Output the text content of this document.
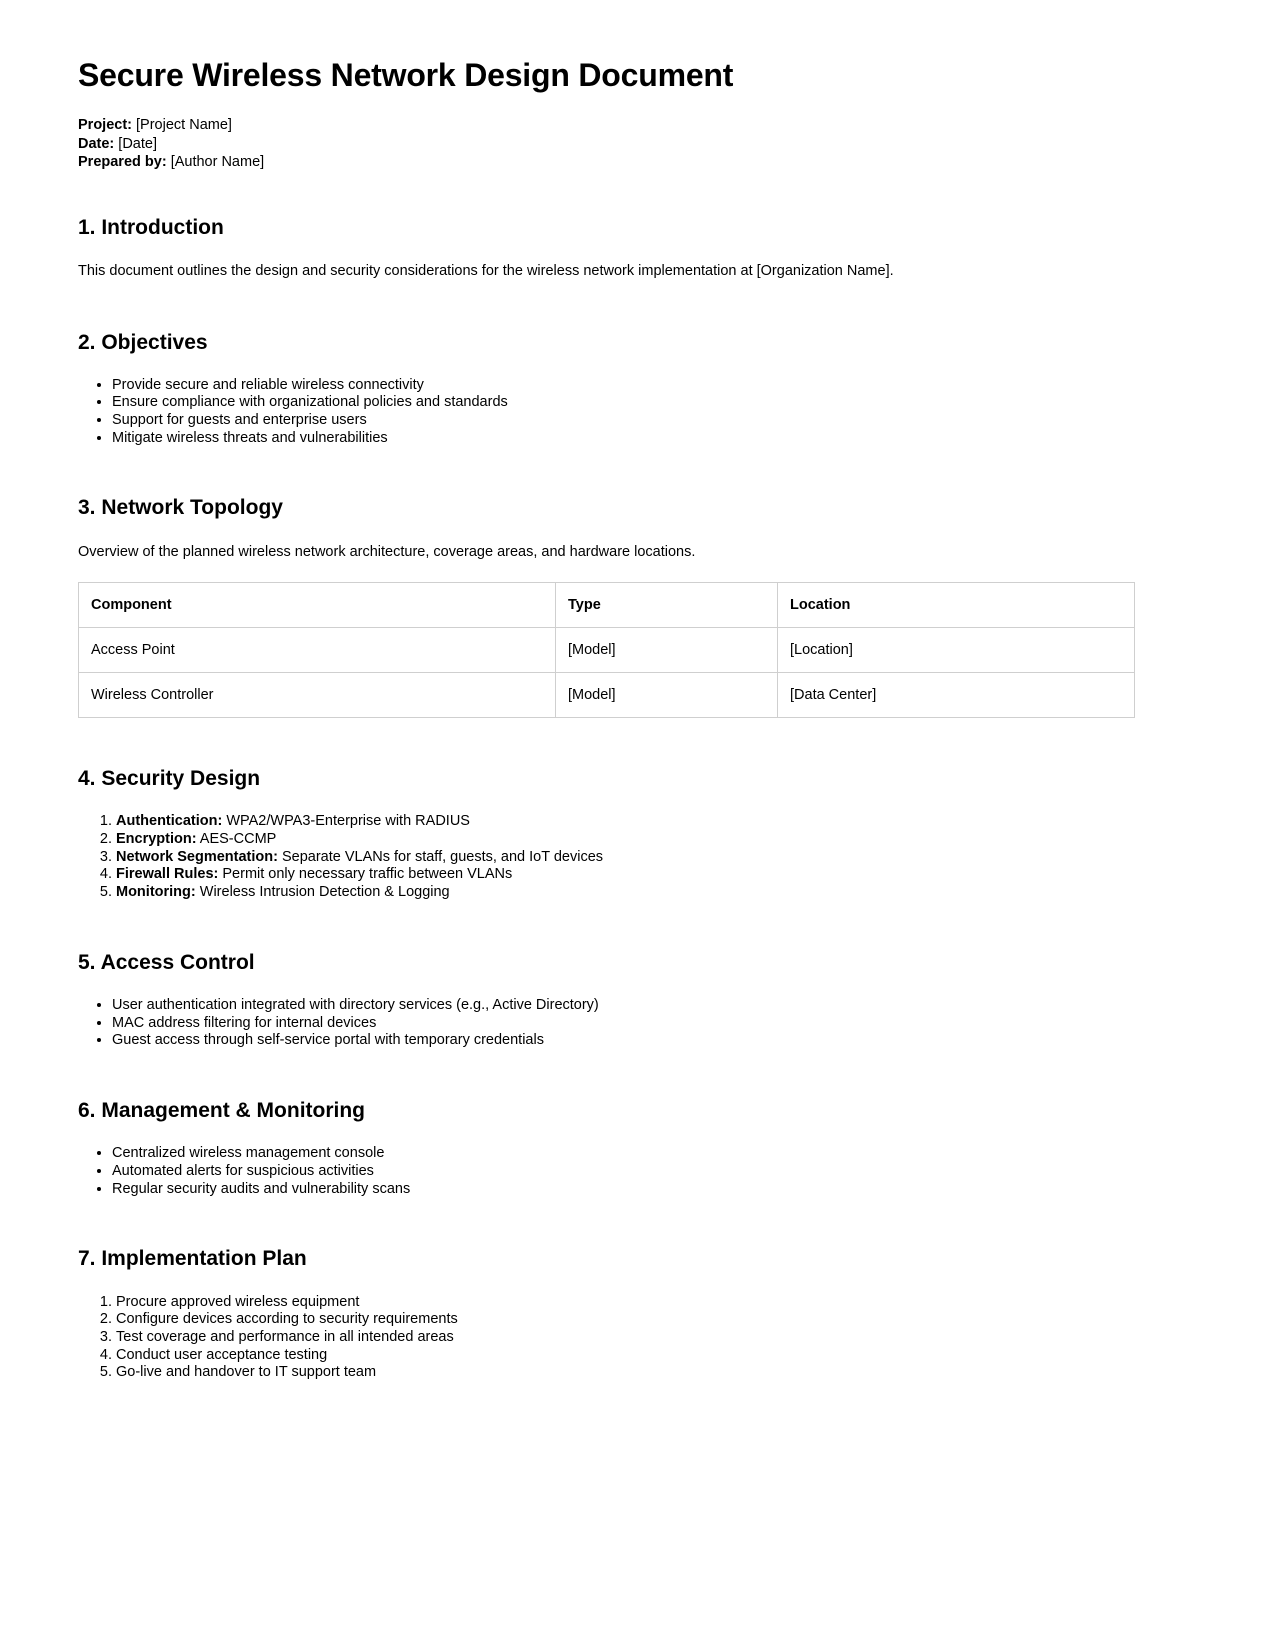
Secure Wireless Network Design Document
Project: [Project Name]
Date: [Date]
Prepared by: [Author Name]
1. Introduction

This document outlines the design and security considerations for the wireless network implementation at [Organization Name].

2. Objectives
• Provide secure and reliable wireless connectivity
• Ensure compliance with organizational policies and standards
• Support for guests and enterprise users
• Mitigate wireless threats and vulnerabilities
3. Network Topology

Overview of the planned wireless network architecture, coverage areas, and hardware locations.

Component	Type	Location
Access Point	[Model]	[Location]
Wireless Controller	[Model]	[Data Center]
4. Security Design
1. Authentication: WPA2/WPA3-Enterprise with RADIUS
2. Encryption: AES-CCMP
3. Network Segmentation: Separate VLANs for staff, guests, and IoT devices
4. Firewall Rules: Permit only necessary traffic between VLANs
5. Monitoring: Wireless Intrusion Detection & Logging
5. Access Control
• User authentication integrated with directory services (e.g., Active Directory)
• MAC address filtering for internal devices
• Guest access through self-service portal with temporary credentials
6. Management & Monitoring
• Centralized wireless management console
• Automated alerts for suspicious activities
• Regular security audits and vulnerability scans
7. Implementation Plan
1. Procure approved wireless equipment
2. Configure devices according to security requirements
3. Test coverage and performance in all intended areas
4. Conduct user acceptance testing
5. Go-live and handover to IT support team
